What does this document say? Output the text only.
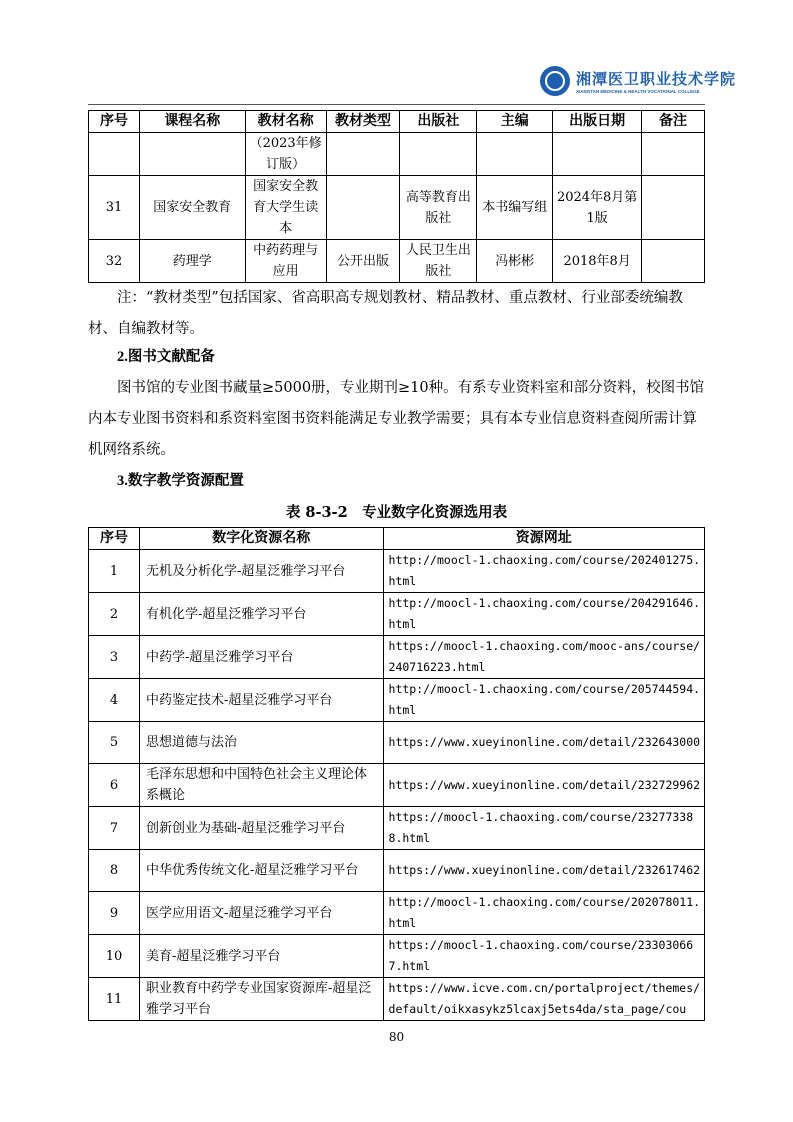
湘潭医卫职业技术学院
XIANGTAN MEDICINE & HEALTH VOCATIONAL COLLEGE
序号	课程名称	教材名称	教材类型	出版社	主编	出版日期	备注
		（2023年修订版）					
31	国家安全教育	国家安全教育大学生读本		高等教育出版社	本书编写组	2024年8月第1版	
32	药理学	中药药理与应用	公开出版	人民卫生出版社	冯彬彬	2018年8月	
注：“教材类型”包括国家、省高职高专规划教材、精品教材、重点教材、行业部委统编教材、自编教材等。
2.图书文献配备
图书馆的专业图书藏量≥5000册，专业期刊≥10种。有系专业资料室和部分资料，校图书馆内本专业图书资料和系资料室图书资料能满足专业教学需要；具有本专业信息资料查阅所需计算机网络系统。
3.数字教学资源配置
表 8-3-2　专业数字化资源选用表
序号	数字化资源名称	资源网址
1	无机及分析化学-超星泛雅学习平台	http://moocl-1.chaoxing.com/course/202401275.html
2	有机化学-超星泛雅学习平台	http://moocl-1.chaoxing.com/course/204291646.html
3	中药学-超星泛雅学习平台	https://moocl-1.chaoxing.com/mooc-ans/course/240716223.html
4	中药鉴定技术-超星泛雅学习平台	http://moocl-1.chaoxing.com/course/205744594.html
5	思想道德与法治	https://www.xueyinonline.com/detail/232643000
6	毛泽东思想和中国特色社会主义理论体系概论	https://www.xueyinonline.com/detail/232729962
7	创新创业为基础-超星泛雅学习平台	https://moocl-1.chaoxing.com/course/232773388.html
8	中华优秀传统文化-超星泛雅学习平台	https://www.xueyinonline.com/detail/232617462
9	医学应用语文-超星泛雅学习平台	http://moocl-1.chaoxing.com/course/202078011.html
10	美育-超星泛雅学习平台	https://moocl-1.chaoxing.com/course/233030667.html
11	职业教育中药学专业国家资源库-超星泛雅学习平台	https://www.icve.com.cn/portalproject/themes/default/oikxasykz5lcaxj5ets4da/sta_page/cou
80
